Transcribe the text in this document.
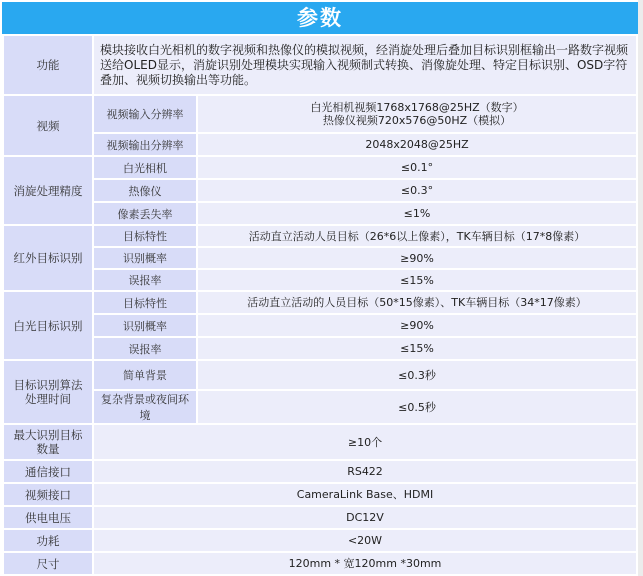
参数
功能	模块接收白光相机的数字视频和热像仪的模拟视频，经消旋处理后叠加目标识别框输出一路数字视频送给OLED显示，消旋识别处理模块实现输入视频制式转换、消像旋处理、特定目标识别、OSD字符叠加、视频切换输出等功能。	
视频	视频输入分辨率	白光相机视频1768x1768@25HZ（数字）
热像仪视频720x576@50HZ（模拟）

	视频输出分辨率	2048x2048@25HZ
消旋处理精度	白光相机	≤0.1°
	热像仪	≤0.3°
	像素丢失率	≤1%
红外目标识别	目标特性	活动直立活动人员目标（26*6以上像素），TK车辆目标（17*8像素）
	识别概率	≥90%
	误报率	≤15%
白光目标识别	目标特性	活动直立活动的人员目标（50*15像素）、TK车辆目标（34*17像素）
	识别概率	≥90%
	误报率	≤15%

目标识别算法
处理时间	简单背景	≤0.3秒
	复杂背景或夜间环境	≤0.5秒

最大识别目标
数量	≥10个	
通信接口	RS422	
视频接口	CameraLink Base、HDMI	
供电电压	DC12V	
功耗	<20W	
尺寸	120mm * 宽120mm *30mm	
